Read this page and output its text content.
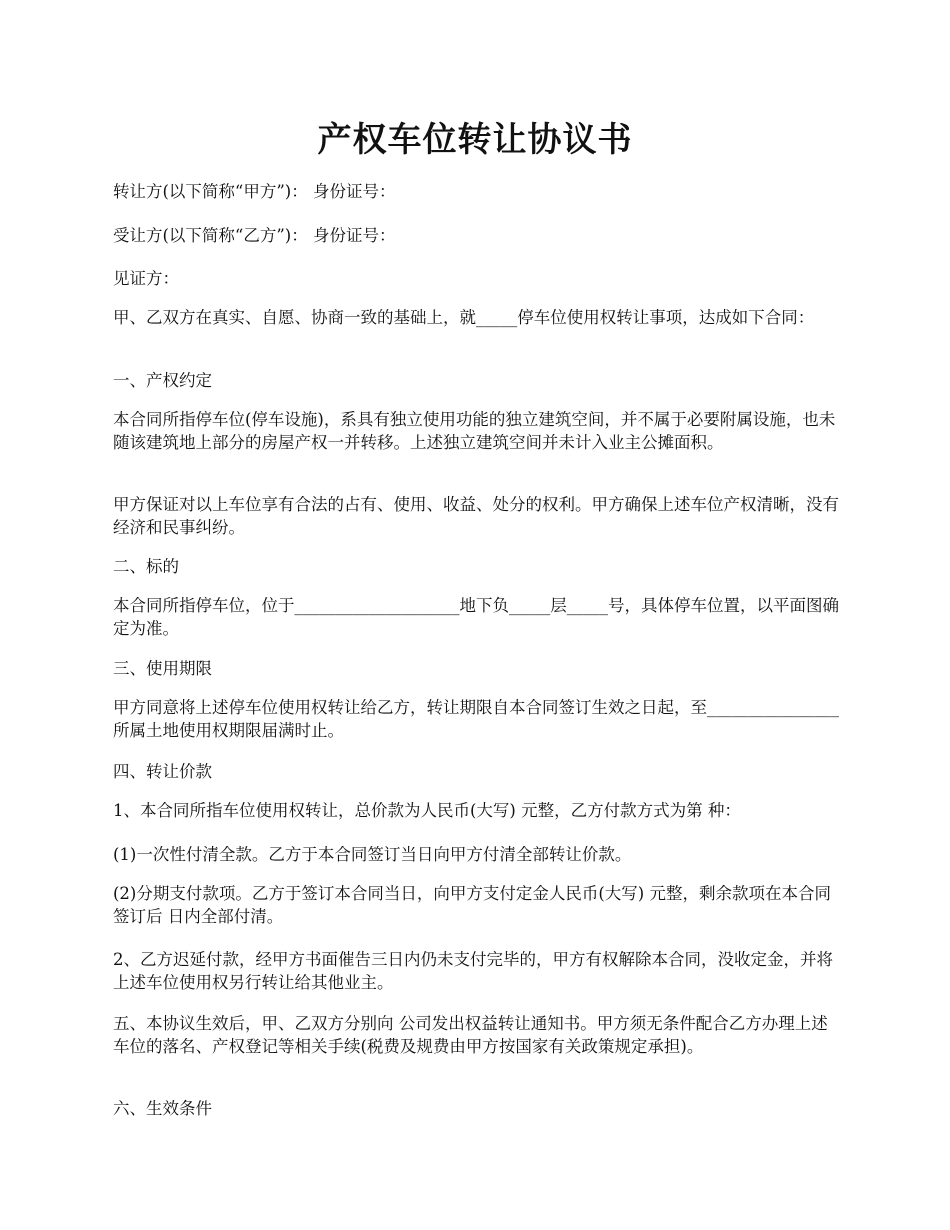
产权车位转让协议书

转让方(以下简称“甲方”)： 身份证号：

受让方(以下简称“乙方”)： 身份证号：

见证方：

甲、乙双方在真实、自愿、协商一致的基础上，就_____停车位使用权转让事项，达成如下合同：

一、产权约定

本合同所指停车位(停车设施)，系具有独立使用功能的独立建筑空间，并不属于必要附属设施，也未随该建筑地上部分的房屋产权一并转移。上述独立建筑空间并未计入业主公摊面积。

甲方保证对以上车位享有合法的占有、使用、收益、处分的权利。甲方确保上述车位产权清晰，没有经济和民事纠纷。

二、标的

本合同所指停车位，位于____________________地下负_____层_____号，具体停车位置，以平面图确定为准。

三、使用期限

甲方同意将上述停车位使用权转让给乙方，转让期限自本合同签订生效之日起，至________________所属土地使用权期限届满时止。

四、转让价款

1、本合同所指车位使用权转让，总价款为人民币(大写) 元整，乙方付款方式为第 种：

(1)一次性付清全款。乙方于本合同签订当日向甲方付清全部转让价款。

(2)分期支付款项。乙方于签订本合同当日，向甲方支付定金人民币(大写) 元整，剩余款项在本合同签订后 日内全部付清。

2、乙方迟延付款，经甲方书面催告三日内仍未支付完毕的，甲方有权解除本合同，没收定金，并将上述车位使用权另行转让给其他业主。

五、本协议生效后，甲、乙双方分别向 公司发出权益转让通知书。甲方须无条件配合乙方办理上述车位的落名、产权登记等相关手续(税费及规费由甲方按国家有关政策规定承担)。

六、生效条件
